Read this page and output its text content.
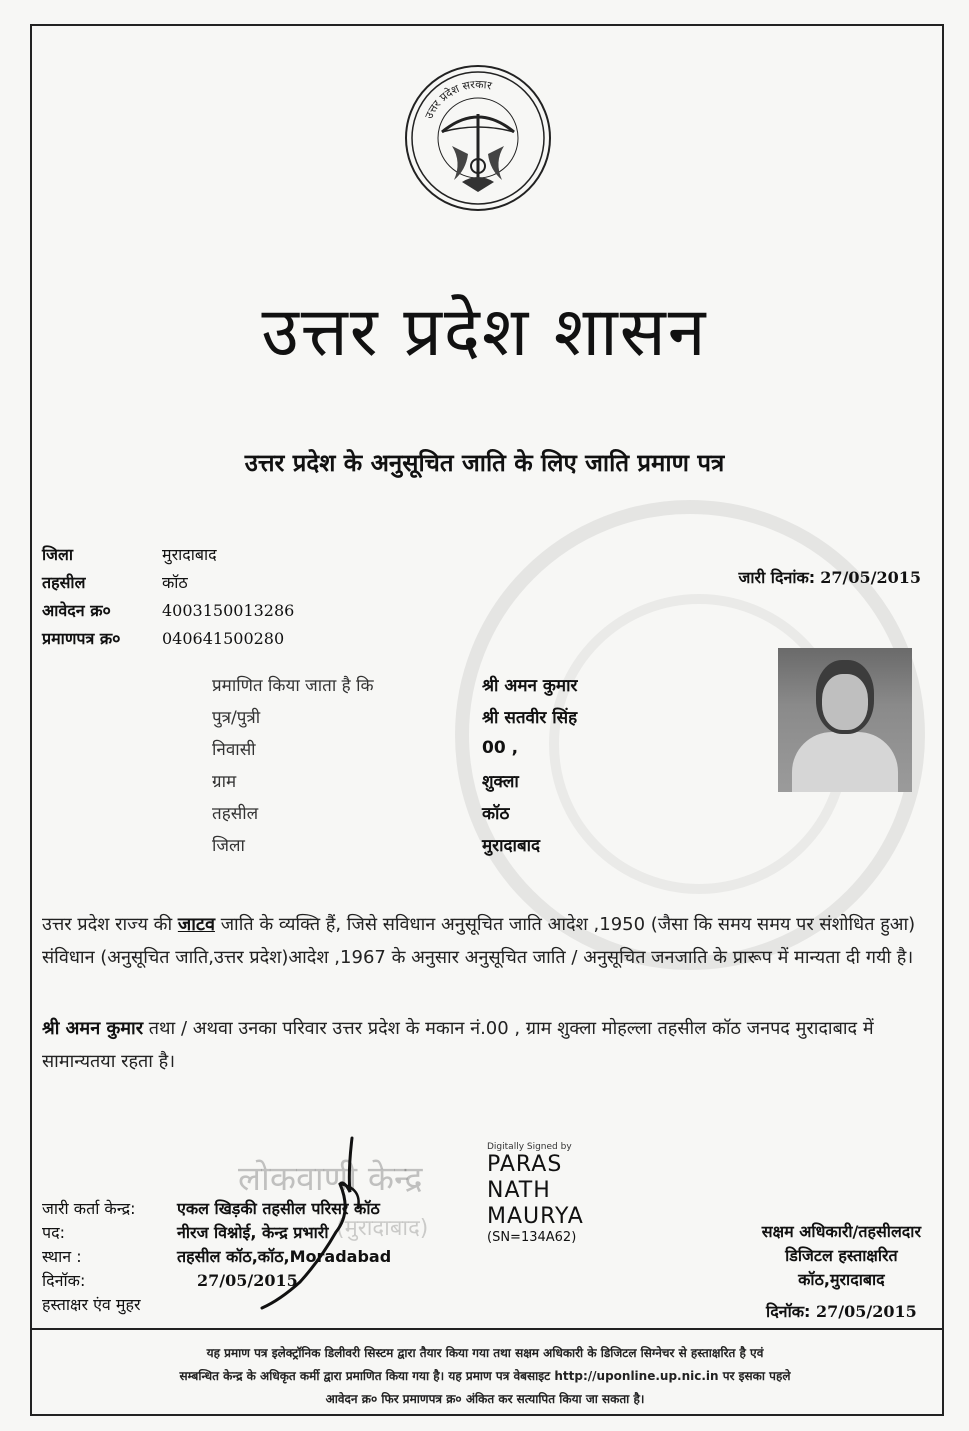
उत्तर प्रदेश सरकार
उत्तर प्रदेश शासन
उत्तर प्रदेश के अनुसूचित जाति के लिए जाति प्रमाण पत्र
जिला	मुरादाबाद
तहसील	कॉठ
आवेदन क्र०	4003150013286
प्रमाणपत्र क्र०	040641500280
जारी दिनांक: 27/05/2015
प्रमाणित किया जाता है कि	श्री अमन कुमार
पुत्र/पुत्री	श्री सतवीर सिंह
निवासी	00 ,
ग्राम	शुक्ला
तहसील	कॉठ
जिला	मुरादाबाद
उत्तर प्रदेश राज्य की जाटव जाति के व्यक्ति हैं, जिसे सविधान अनुसूचित जाति आदेश ,1950 (जैसा कि समय समय पर संशोधित हुआ) संविधान (अनुसूचित जाति,उत्तर प्रदेश)आदेश ,1967 के अनुसार अनुसूचित जाति / अनुसूचित जनजाति के प्रारूप में मान्यता दी गयी है।
श्री अमन कुमार तथा / अथवा उनका परिवार उत्तर प्रदेश के मकान नं.00 , ग्राम शुक्ला मोहल्ला तहसील कॉठ जनपद मुरादाबाद में सामान्यतया रहता है।
लोकवाणी केन्द्र
(मुरादाबाद)
जारी कर्ता केन्द्र:	एकल खिड़की तहसील परिसर कॉठ
पद:	नीरज विश्नोई, केन्द्र प्रभारी
स्थान :	तहसील कॉठ,कॉठ,Moradabad
दिनॉक:	27/05/2015
हस्ताक्षर एंव मुहर
Digitally Signed by
PARAS
NATH
MAURYA
(SN=134A62)	सक्षम अधिकारी/तहसीलदार
डिजिटल हस्ताक्षरित
कॉठ,मुरादाबाद
दिनॉक: 27/05/2015
यह प्रमाण पत्र इलेक्ट्रॉनिक डिलीवरी सिस्टम द्वारा तैयार किया गया तथा सक्षम अधिकारी के डिजिटल सिग्नेचर से हस्ताक्षरित है एवं
सम्बन्धित केन्द्र के अधिकृत कर्मी द्वारा प्रमाणित किया गया है। यह प्रमाण पत्र वेबसाइट http://uponline.up.nic.in पर इसका पहले
आवेदन क्र० फिर प्रमाणपत्र क्र० अंकित कर सत्यापित किया जा सकता है।
